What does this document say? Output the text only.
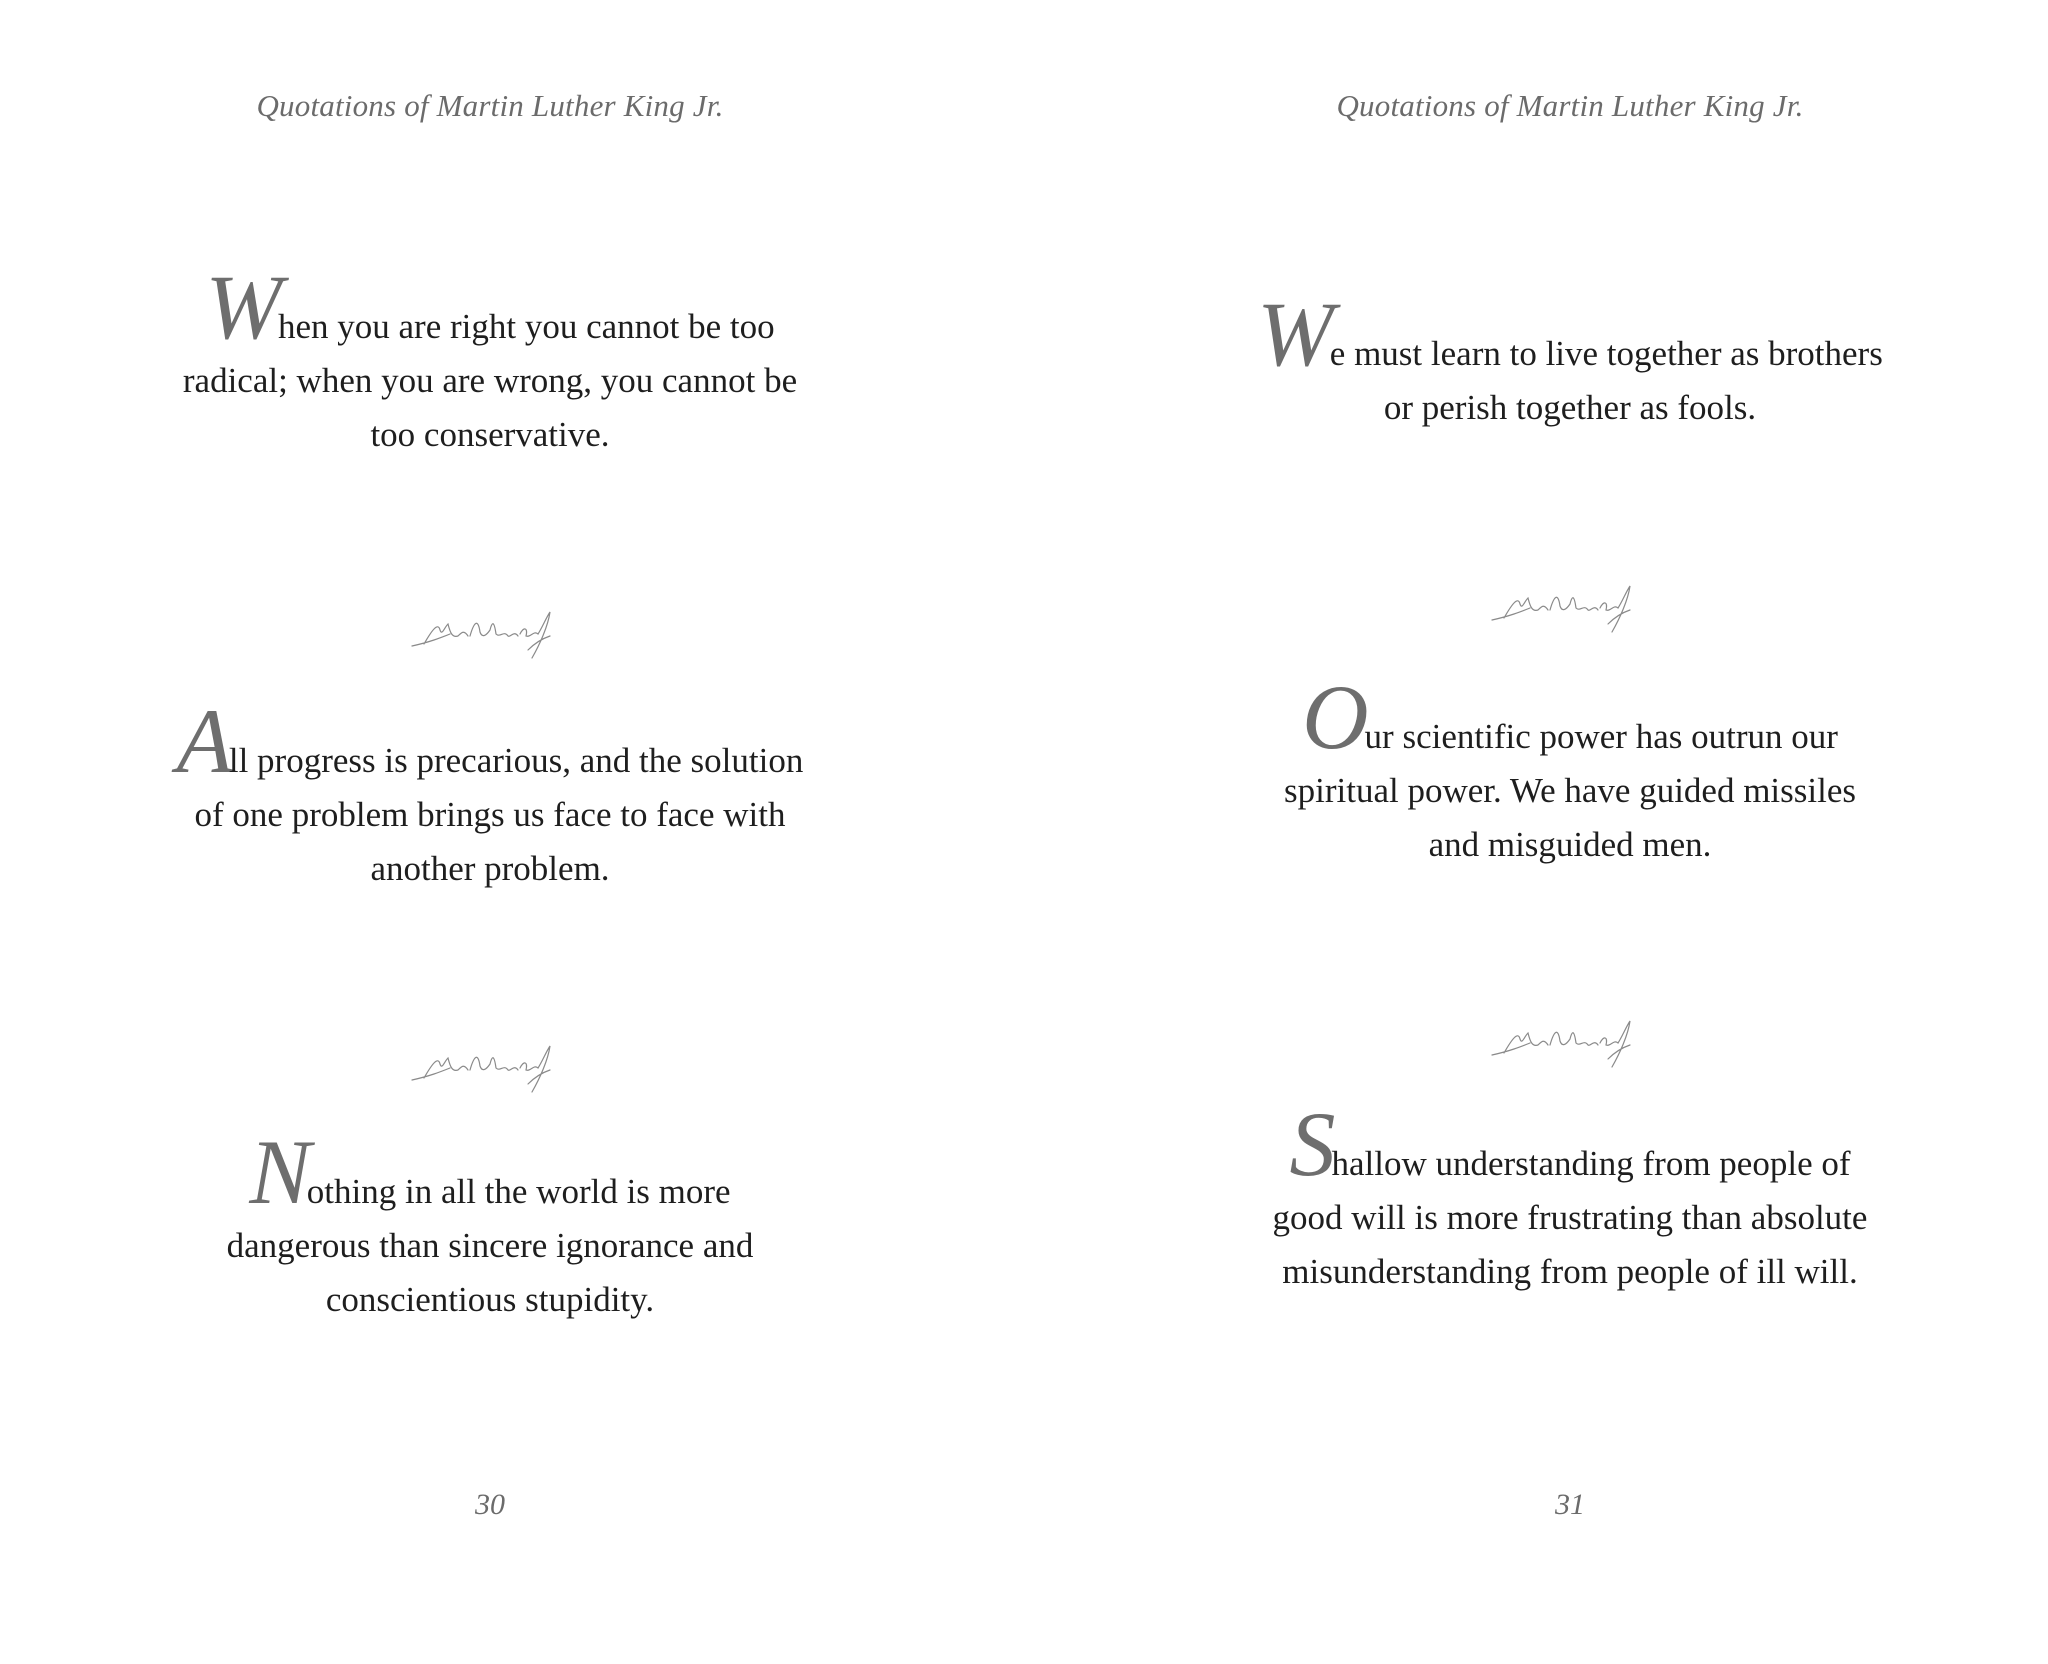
Quotations of Martin Luther King Jr.
When you are right you cannot be too
radical; when you are wrong, you cannot be
too conservative.
All progress is precarious, and the solution
of one problem brings us face to face with
another problem.
Nothing in all the world is more
dangerous than sincere ignorance and
conscientious stupidity.
30
Quotations of Martin Luther King Jr.
We must learn to live together as brothers
or perish together as fools.
Our scientific power has outrun our
spiritual power. We have guided missiles
and misguided men.
Shallow understanding from people of
good will is more frustrating than absolute
misunderstanding from people of ill will.
31
